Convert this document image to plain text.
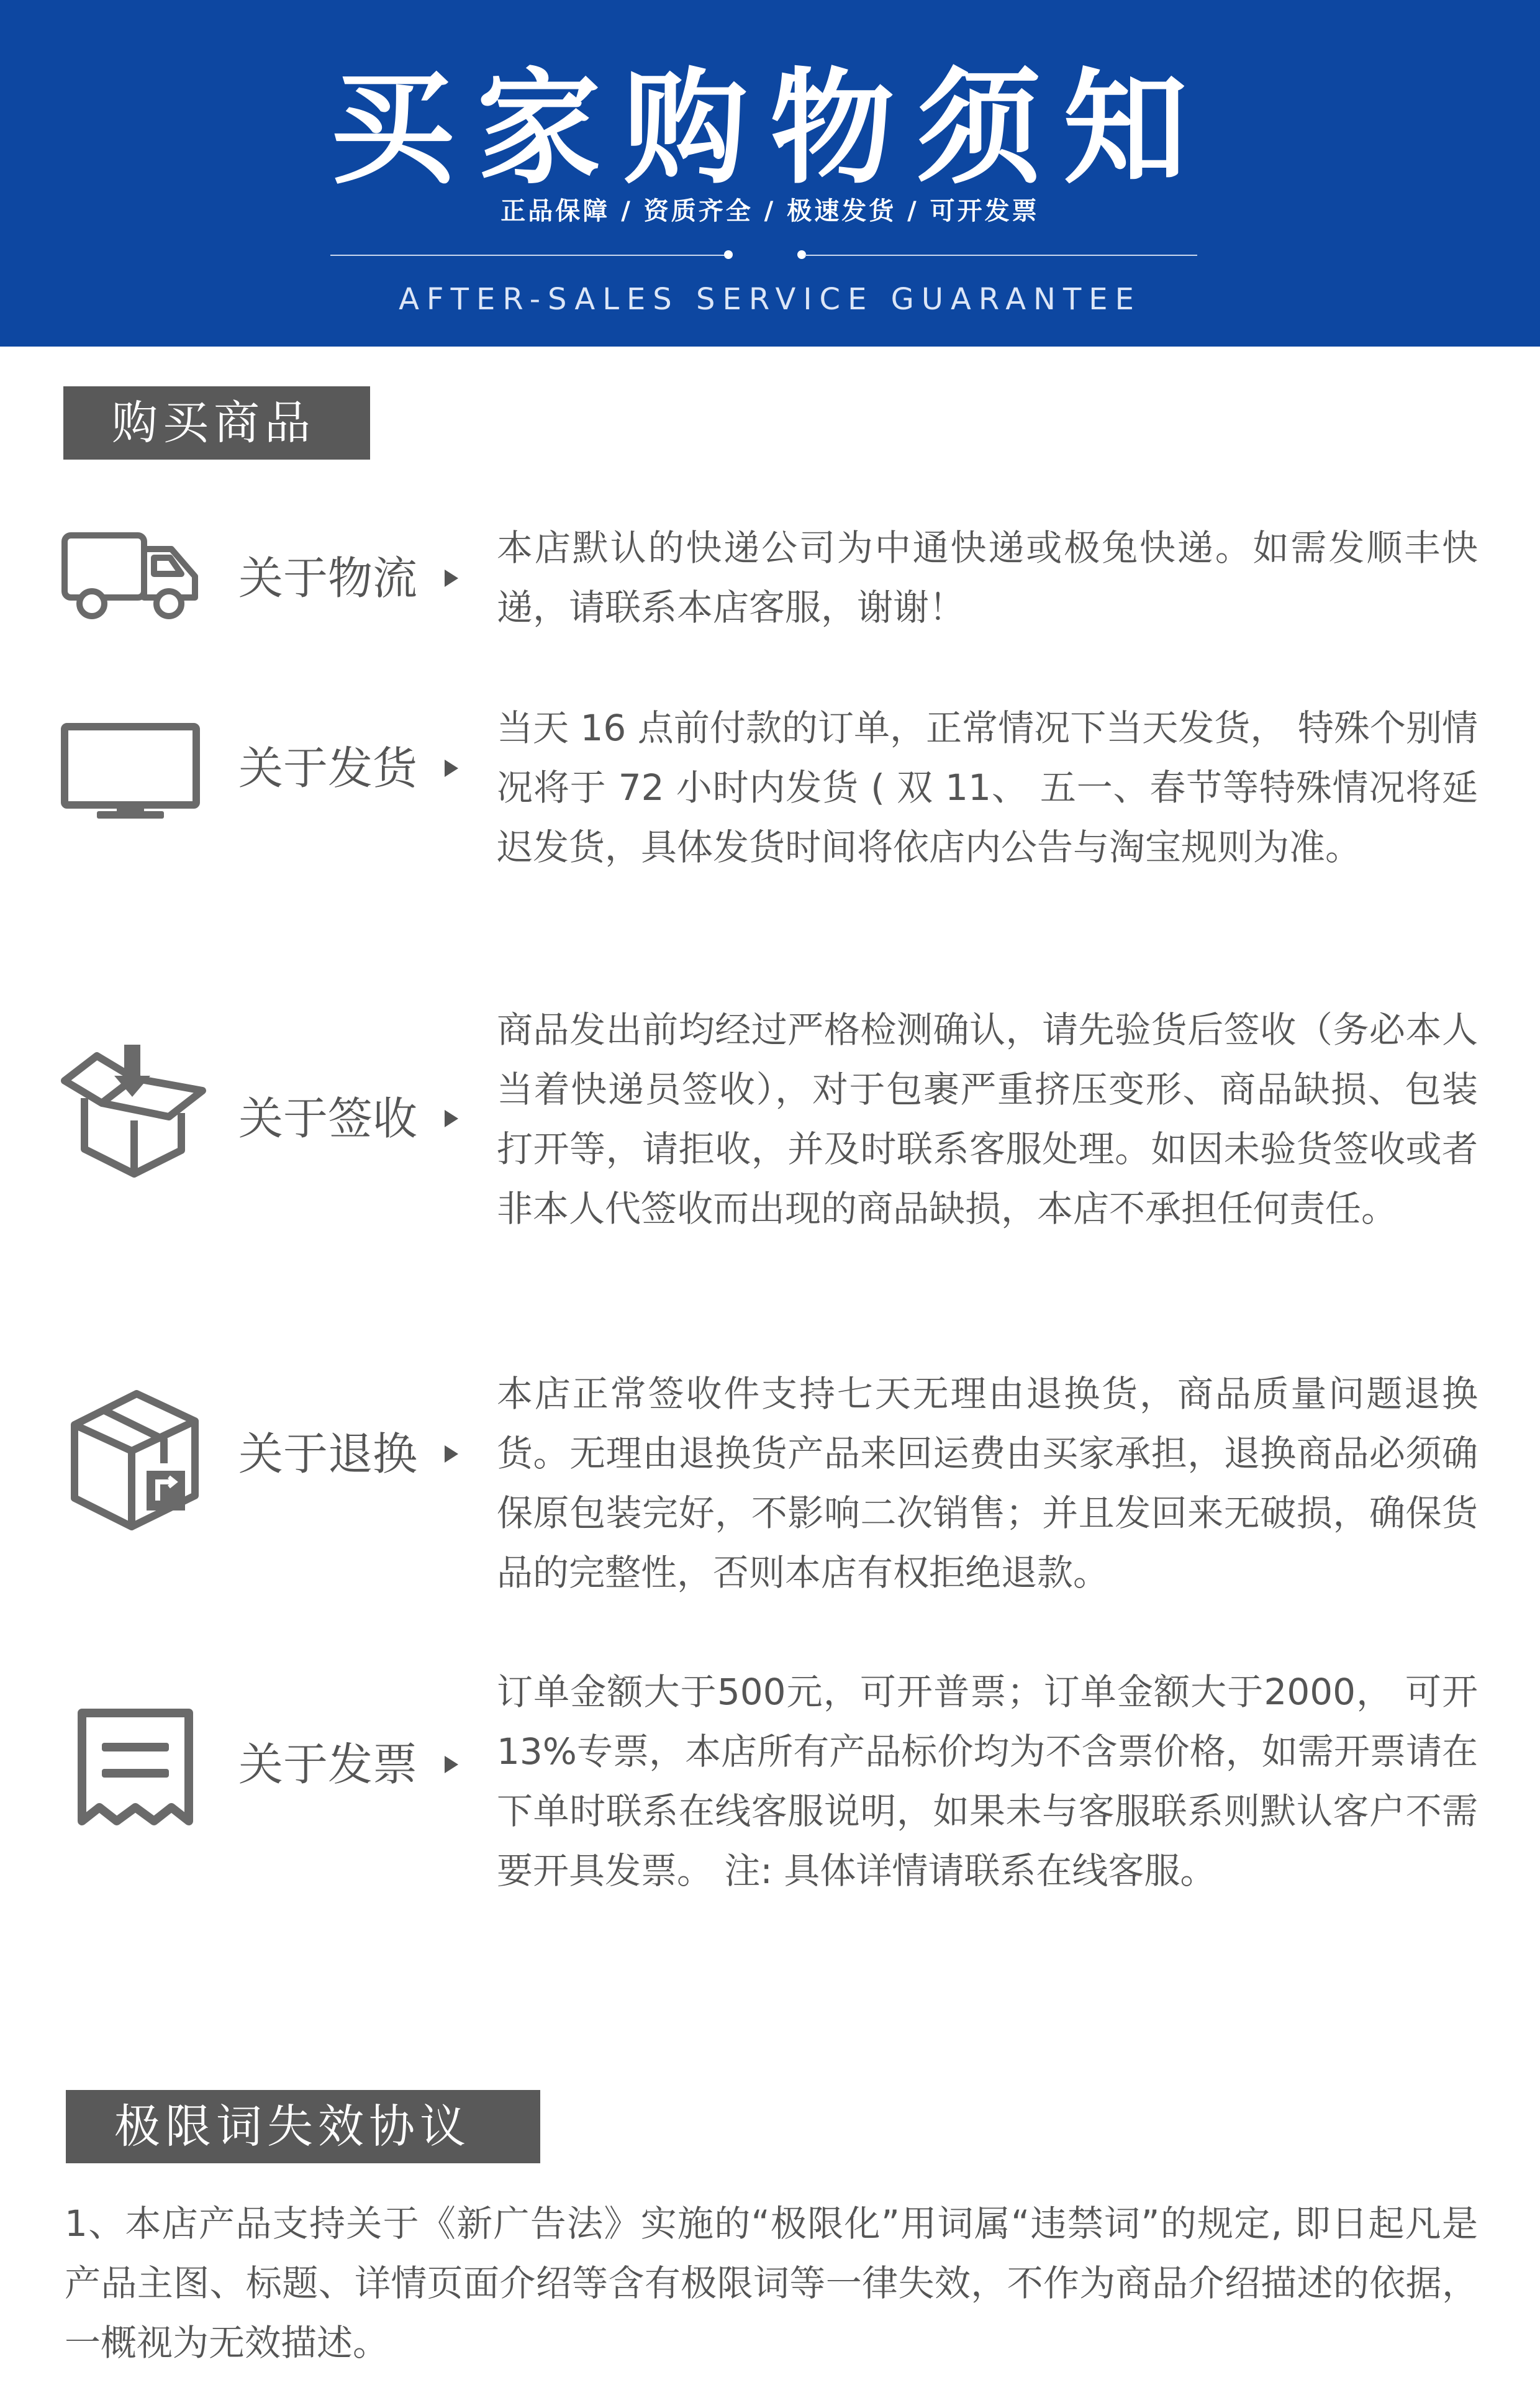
买家购物须知
正品保障 / 资质齐全 / 极速发货 / 可开发票
AFTER-SALES SERVICE GUARANTEE
购买商品
关于物流
本店默认的快递公司为中通快递或极兔快递。如需发顺丰快递，请联系本店客服，谢谢！
关于发货
当天 16 点前付款的订单，正常情况下当天发货， 特殊个别情况将于 72 小时内发货 ( 双 11、 五一、春节等特殊情况将延迟发货，具体发货时间将依店内公告与淘宝规则为准。
关于签收
商品发出前均经过严格检测确认，请先验货后签收（务必本人当着快递员签收），对于包裹严重挤压变形、商品缺损、包装打开等，请拒收，并及时联系客服处理。如因未验货签收或者非本人代签收而出现的商品缺损，本店不承担任何责任。
关于退换
本店正常签收件支持七天无理由退换货，商品质量问题退换货。无理由退换货产品来回运费由买家承担，退换商品必须确保原包装完好，不影响二次销售；并且发回来无破损，确保货品的完整性，否则本店有权拒绝退款。
关于发票
订单金额大于500元，可开普票；订单金额大于2000， 可开13%专票，本店所有产品标价均为不含票价格，如需开票请在下单时联系在线客服说明，如果未与客服联系则默认客户不需要开具发票。 注: 具体详情请联系在线客服。
极限词失效协议
1、本店产品支持关于《新广告法》实施的“极限化”用词属“违禁词”的规定, 即日起凡是产品主图、标题、详情页面介绍等含有极限词等一律失效，不作为商品介绍描述的依据，一概视为无效描述。
